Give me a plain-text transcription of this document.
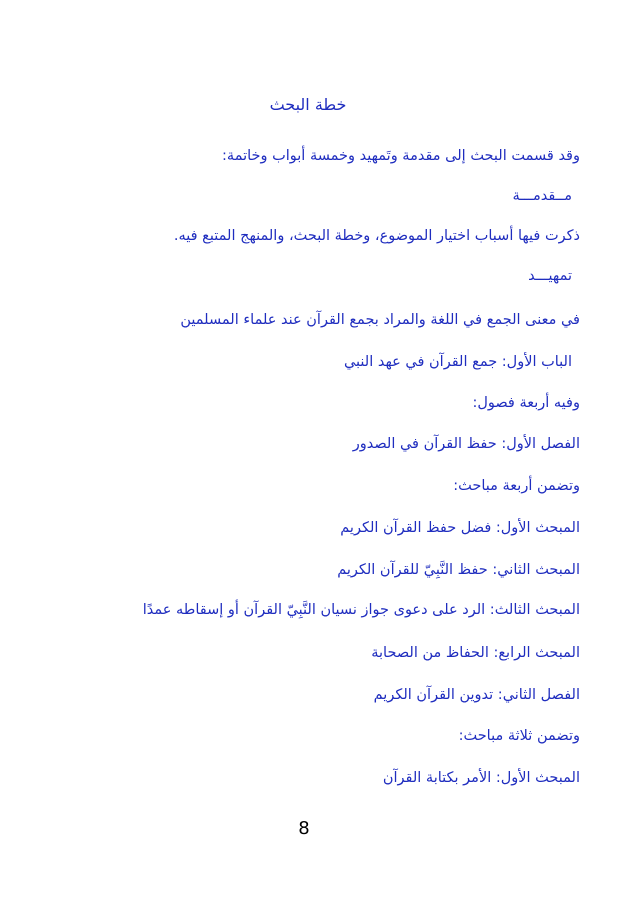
خطة البحث
وقد قسمت البحث إلى مقدمة وتَمهيد وخمسة أبواب وخاتمة:
مــقدمـــة
ذكرت فيها أسباب اختيار الموضوع، وخطة البحث، والمنهج المتبع فيه.
تمهيـــد
في معنى الجمع في اللغة والمراد بجمع القرآن عند علماء المسلمين
الباب الأول: جمع القرآن في عهد النبي
وفيه أربعة فصول:
الفصل الأول: حفظ القرآن في الصدور
وتضمن أربعة مباحث:
المبحث الأول: فضل حفظ القرآن الكريم
المبحث الثاني: حفظ النَّبِيّ للقرآن الكريم
المبحث الثالث: الرد على دعوى جواز نسيان النَّبِيّ القرآن أو إسقاطه عمدًا
المبحث الرابع: الحفاظ من الصحابة
الفصل الثاني: تدوين القرآن الكريم
وتضمن ثلاثة مباحث:
المبحث الأول: الأمر بكتابة القرآن
8
